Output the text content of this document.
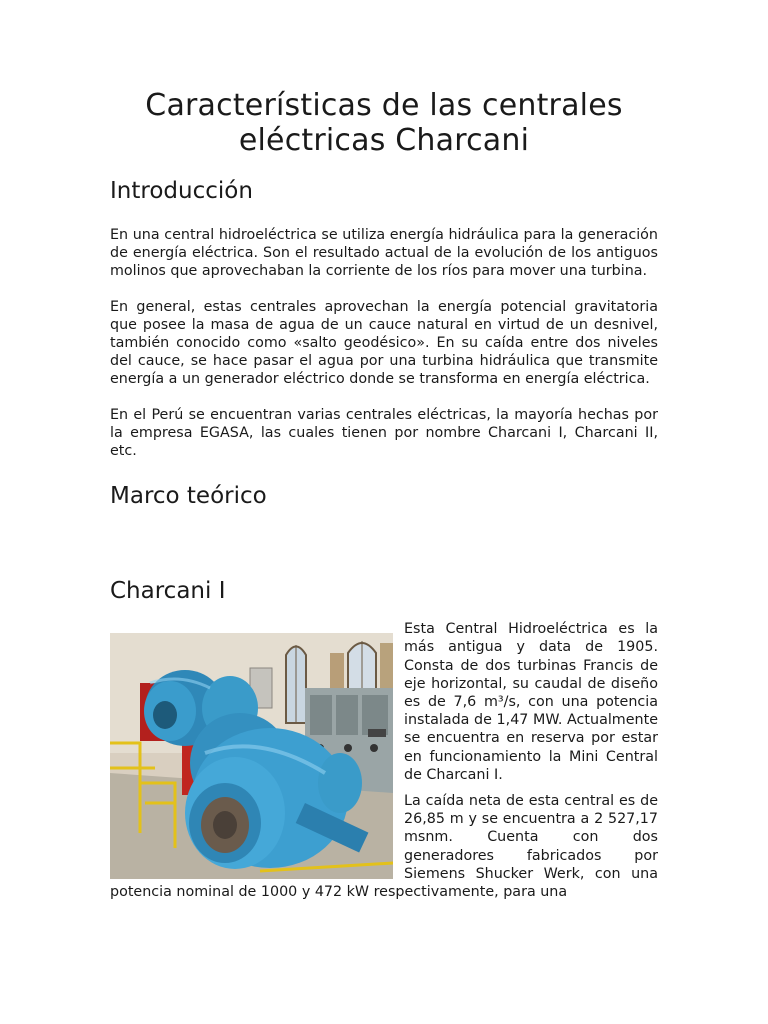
Características de las centrales eléctricas Charcani
Introducción

En una central hidroeléctrica se utiliza energía hidráulica para la generación de energía eléctrica. Son el resultado actual de la evolución de los antiguos molinos que aprovechaban la corriente de los ríos para mover una turbina.

En general, estas centrales aprovechan la energía potencial gravitatoria que posee la masa de agua de un cauce natural en virtud de un desnivel, también conocido como «salto geodésico». En su caída entre dos niveles del cauce, se hace pasar el agua por una turbina hidráulica que transmite energía a un generador eléctrico donde se transforma en energía eléctrica.

En el Perú se encuentran varias centrales eléctricas, la mayoría hechas por la empresa EGASA, las cuales tienen por nombre Charcani I, Charcani II, etc.

Marco teórico
Charcani I

Esta Central Hidroeléctrica es la más antigua y data de 1905. Consta de dos turbinas Francis de eje horizontal, su caudal de diseño es de 7,6 m³/s, con una potencia instalada de 1,47 MW. Actualmente se encuentra en reserva por estar en funcionamiento la Mini Central de Charcani I.

La caída neta de esta central es de 26,85 m y se encuentra a 2 527,17 msnm. Cuenta con dos generadores fabricados por Siemens Shucker Werk, con una potencia nominal de 1000 y 472 kW respectivamente, para una
